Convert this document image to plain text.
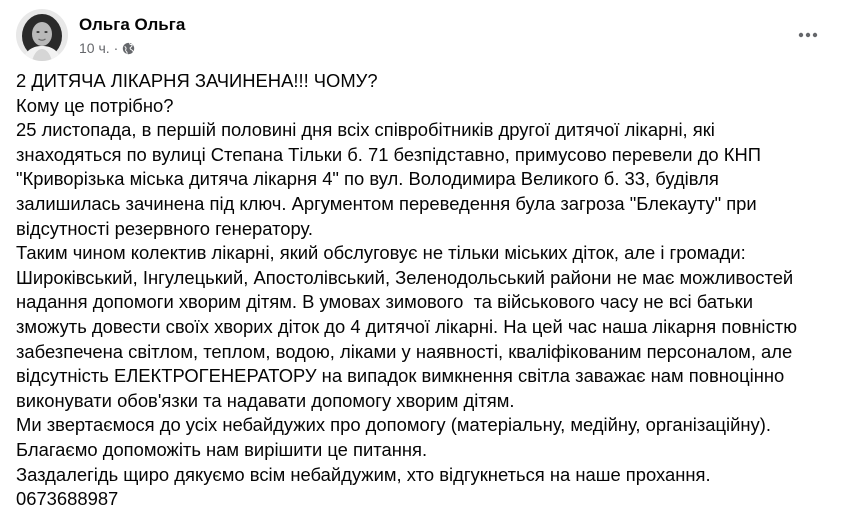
Ольга Ольга
10 ч. ·

2 ДИТЯЧА ЛІКАРНЯ ЗАЧИНЕНА!!! ЧОМУ?

Кому це потрібно?

25 листопада, в першій половині дня всіх співробітників другої дитячої лікарні, які

знаходяться по вулиці Степана Тільки б. 71 безпідставно, примусово перевели до КНП

"Криворізька міська дитяча лікарня 4" по вул. Володимира Великого б. 33, будівля

залишилась зачинена під ключ. Аргументом переведення була загроза "Блекауту" при

відсутності резервного генератору.

Таким чином колектив лікарні, який обслуговує не тільки міських діток, але і громади:

Широківський, Інгулецький, Апостолівський, Зеленодольський райони не має можливостей

надання допомоги хворим дітям. В умовах зимового  та військового часу не всі батьки

зможуть довести своїх хворих діток до 4 дитячої лікарні. На цей час наша лікарня повністю

забезпечена світлом, теплом, водою, ліками у наявності, кваліфікованим персоналом, але

відсутність ЕЛЕКТРОГЕНЕРАТОРУ на випадок вимкнення світла заважає нам повноцінно

виконувати обов'язки та надавати допомогу хворим дітям.

Ми звертаємося до усіх небайдужих про допомогу (матеріальну, медійну, організаційну).

Благаємо допоможіть нам вирішити це питання.

Заздалегідь щиро дякуємо всім небайдужим, хто відгукнеться на наше прохання.

0673688987
